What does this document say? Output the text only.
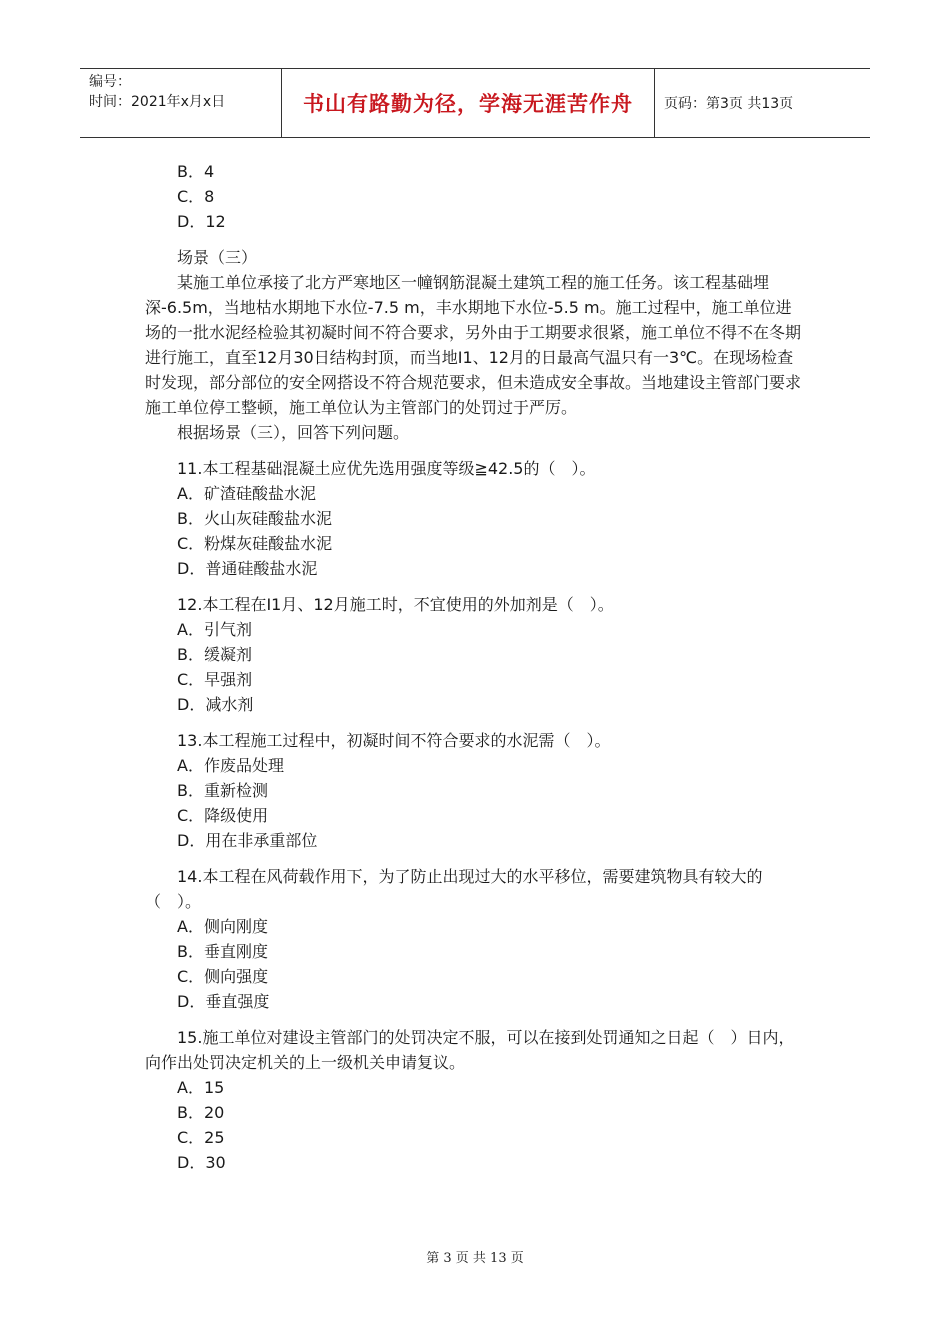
编号：
时间：2021年x月x日	书山有路勤为径，学海无涯苦作舟 页码：第3页 共13页
B．4
C．8
D．12
场景（三）
某施工单位承接了北方严寒地区一幢钢筋混凝土建筑工程的施工任务。该工程基础埋深-6.5m，当地枯水期地下水位-7.5 m，丰水期地下水位-5.5 m。施工过程中，施工单位进场的一批水泥经检验其初凝时间不符合要求，另外由于工期要求很紧，施工单位不得不在冬期进行施工，直至12月30日结构封顶，而当地I1、12月的日最高气温只有一3℃。在现场检查时发现，部分部位的安全网搭设不符合规范要求，但未造成安全事故。当地建设主管部门要求施工单位停工整顿，施工单位认为主管部门的处罚过于严厉。
根据场景（三），回答下列问题。
11.本工程基础混凝土应优先选用强度等级≧42.5的（　）。
A．矿渣硅酸盐水泥
B．火山灰硅酸盐水泥
C．粉煤灰硅酸盐水泥
D．普通硅酸盐水泥
12.本工程在I1月、12月施工时，不宜使用的外加剂是（　）。
A．引气剂
B．缓凝剂
C．早强剂
D．减水剂
13.本工程施工过程中，初凝时间不符合要求的水泥需（　）。
A．作废品处理
B．重新检测
C．降级使用
D．用在非承重部位
14.本工程在风荷载作用下，为了防止出现过大的水平移位，需要建筑物具有较大的（　）。
A．侧向刚度
B．垂直刚度
C．侧向强度
D．垂直强度
15.施工单位对建设主管部门的处罚决定不服，可以在接到处罚通知之日起（　）日内，向作出处罚决定机关的上一级机关申请复议。
A．15
B．20
C．25
D．30
第 3 页 共 13 页
